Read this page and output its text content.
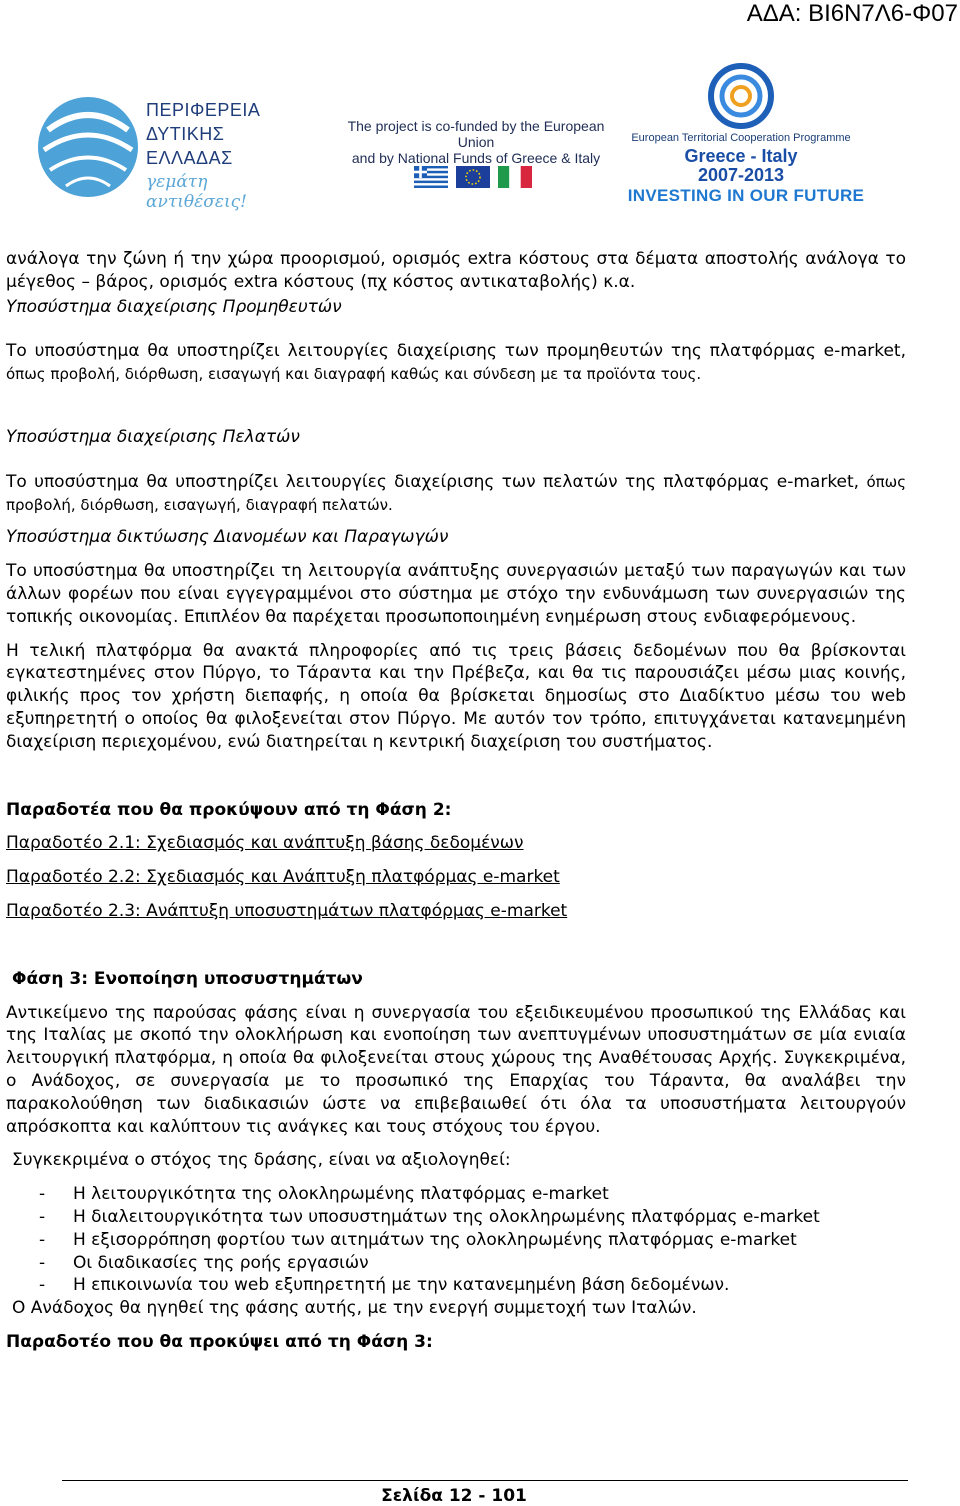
ΑΔΑ: ΒΙ6Ν7Λ6-Φ07
ΠΕΡΙΦΕΡΕΙΑ
ΔΥΤΙΚΗΣ
ΕΛΛΑΔΑΣ
γεμάτη αντιθέσεις!
The project is co-funded by the European Union
and by National Funds of Greece & Italy
European Territorial Cooperation Programme
Greece - Italy
2007-2013
INVESTING IN OUR FUTURE

ανάλογα την ζώνη ή την χώρα προορισμού, ορισμός extra κόστους στα δέματα αποστολής ανάλογα το μέγεθος – βάρος, ορισμός extra κόστους (πχ κόστος αντικαταβολής) κ.α.

Υποσύστημα διαχείρισης Προμηθευτών

Το υποσύστημα θα υποστηρίζει λειτουργίες διαχείρισης των προμηθευτών της πλατφόρμας e-market, όπως προβολή, διόρθωση, εισαγωγή και διαγραφή καθώς και σύνδεση με τα προϊόντα τους.

Υποσύστημα διαχείρισης Πελατών

Το υποσύστημα θα υποστηρίζει λειτουργίες διαχείρισης των πελατών της πλατφόρμας e-market, όπως προβολή, διόρθωση, εισαγωγή, διαγραφή πελατών.

Υποσύστημα δικτύωσης Διανομέων και Παραγωγών

Το υποσύστημα θα υποστηρίζει τη λειτουργία ανάπτυξης συνεργασιών μεταξύ των παραγωγών και των άλλων φορέων που είναι εγγεγραμμένοι στο σύστημα με στόχο την ενδυνάμωση των συνεργασιών της τοπικής οικονομίας. Επιπλέον θα παρέχεται προσωποποιημένη ενημέρωση στους ενδιαφερόμενους.

Η τελική πλατφόρμα θα ανακτά πληροφορίες από τις τρεις βάσεις δεδομένων που θα βρίσκονται εγκατεστημένες στον Πύργο, το Τάραντα και την Πρέβεζα, και θα τις παρουσιάζει μέσω μιας κοινής, φιλικής προς τον χρήστη διεπαφής, η οποία θα βρίσκεται δημοσίως στο Διαδίκτυο μέσω του web εξυπηρετητή ο οποίος θα φιλοξενείται στον Πύργο. Με αυτόν τον τρόπο, επιτυγχάνεται κατανεμημένη διαχείριση περιεχομένου, ενώ διατηρείται η κεντρική διαχείριση του συστήματος.

Παραδοτέα που θα προκύψουν από τη Φάση 2:

Παραδοτέο 2.1: Σχεδιασμός και ανάπτυξη βάσης δεδομένων

Παραδοτέο 2.2: Σχεδιασμός και Ανάπτυξη πλατφόρμας e-market

Παραδοτέο 2.3: Ανάπτυξη υποσυστημάτων πλατφόρμας e-market

Φάση 3: Ενοποίηση υποσυστημάτων

Αντικείμενο της παρούσας φάσης είναι η συνεργασία του εξειδικευμένου προσωπικού της Ελλάδας και της Ιταλίας με σκοπό την ολοκλήρωση και ενοποίηση των ανεπτυγμένων υποσυστημάτων σε μία ενιαία λειτουργική πλατφόρμα, η οποία θα φιλοξενείται στους χώρους της Αναθέτουσας Αρχής. Συγκεκριμένα, ο Ανάδοχος, σε συνεργασία με το προσωπικό της Επαρχίας του Τάραντα, θα αναλάβει την παρακολούθηση των διαδικασιών ώστε να επιβεβαιωθεί ότι όλα τα υποσυστήματα λειτουργούν απρόσκοπτα και καλύπτουν τις ανάγκες και τους στόχους του έργου.

Συγκεκριμένα ο στόχος της δράσης, είναι να αξιολογηθεί:

- Η λειτουργικότητα της ολοκληρωμένης πλατφόρμας e-market
- Η διαλειτουργικότητα των υποσυστημάτων της ολοκληρωμένης πλατφόρμας e-market
- Η εξισορρόπηση φορτίου των αιτημάτων της ολοκληρωμένης πλατφόρμας e-market
- Οι διαδικασίες της ροής εργασιών
- Η επικοινωνία του web εξυπηρετητή με την κατανεμημένη βάση δεδομένων.

Ο Ανάδοχος θα ηγηθεί της φάσης αυτής, με την ενεργή συμμετοχή των Ιταλών.

Παραδοτέο που θα προκύψει από τη Φάση 3:

Σελίδα 12 - 101
